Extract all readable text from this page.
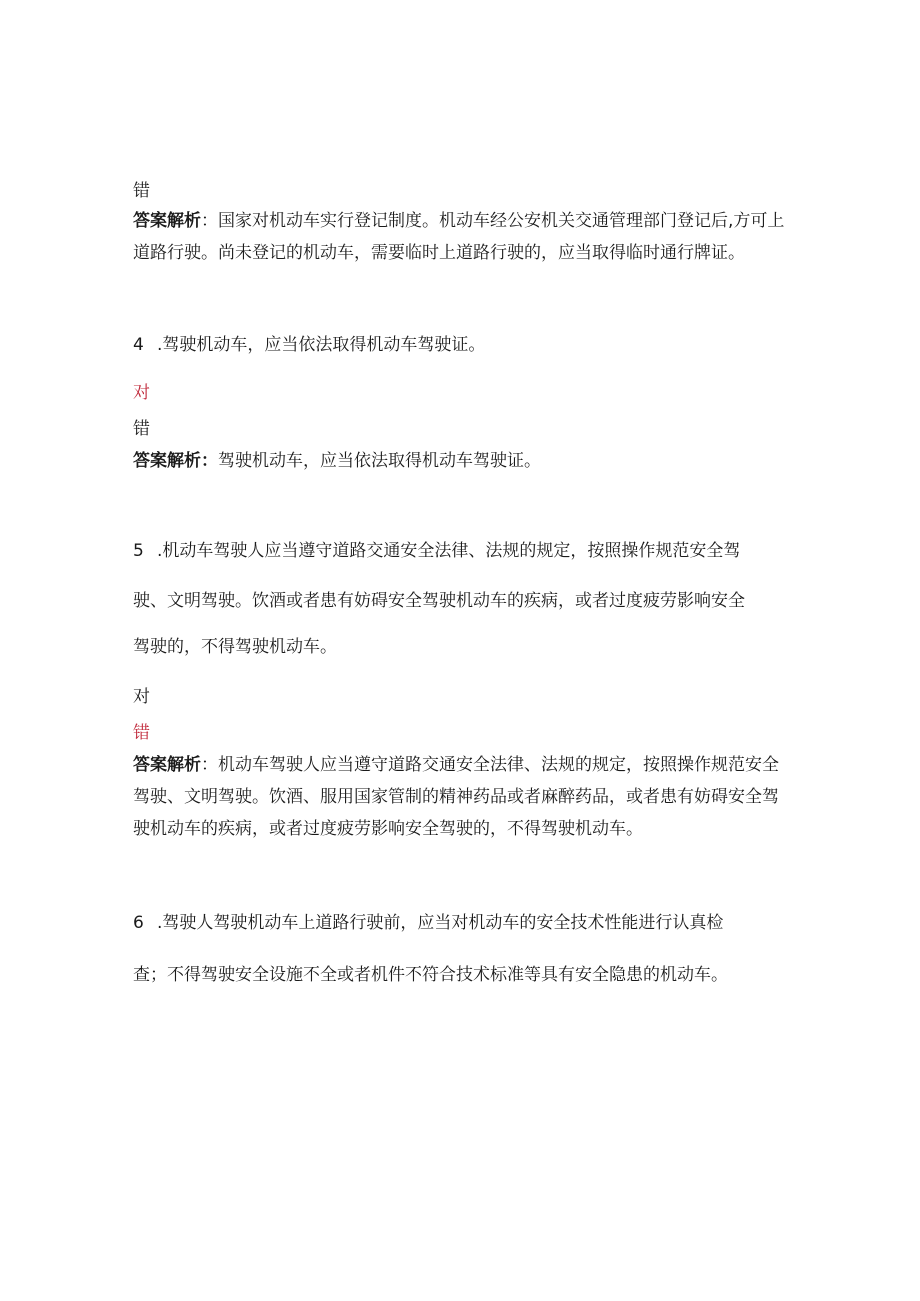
错
答案解析：国家对机动车实行登记制度。机动车经公安机关交通管理部门登记后,方可上
道路行驶。尚未登记的机动车，需要临时上道路行驶的，应当取得临时通行牌证。
4 .驾驶机动车，应当依法取得机动车驾驶证。
对
错
答案解析：驾驶机动车，应当依法取得机动车驾驶证。
5 .机动车驾驶人应当遵守道路交通安全法律、法规的规定，按照操作规范安全驾
驶、文明驾驶。饮酒或者患有妨碍安全驾驶机动车的疾病，或者过度疲劳影响安全
驾驶的，不得驾驶机动车。
对
错
答案解析：机动车驾驶人应当遵守道路交通安全法律、法规的规定，按照操作规范安全
驾驶、文明驾驶。饮酒、服用国家管制的精神药品或者麻醉药品，或者患有妨碍安全驾
驶机动车的疾病，或者过度疲劳影响安全驾驶的，不得驾驶机动车。
6 .驾驶人驾驶机动车上道路行驶前，应当对机动车的安全技术性能进行认真检
查；不得驾驶安全设施不全或者机件不符合技术标准等具有安全隐患的机动车。
